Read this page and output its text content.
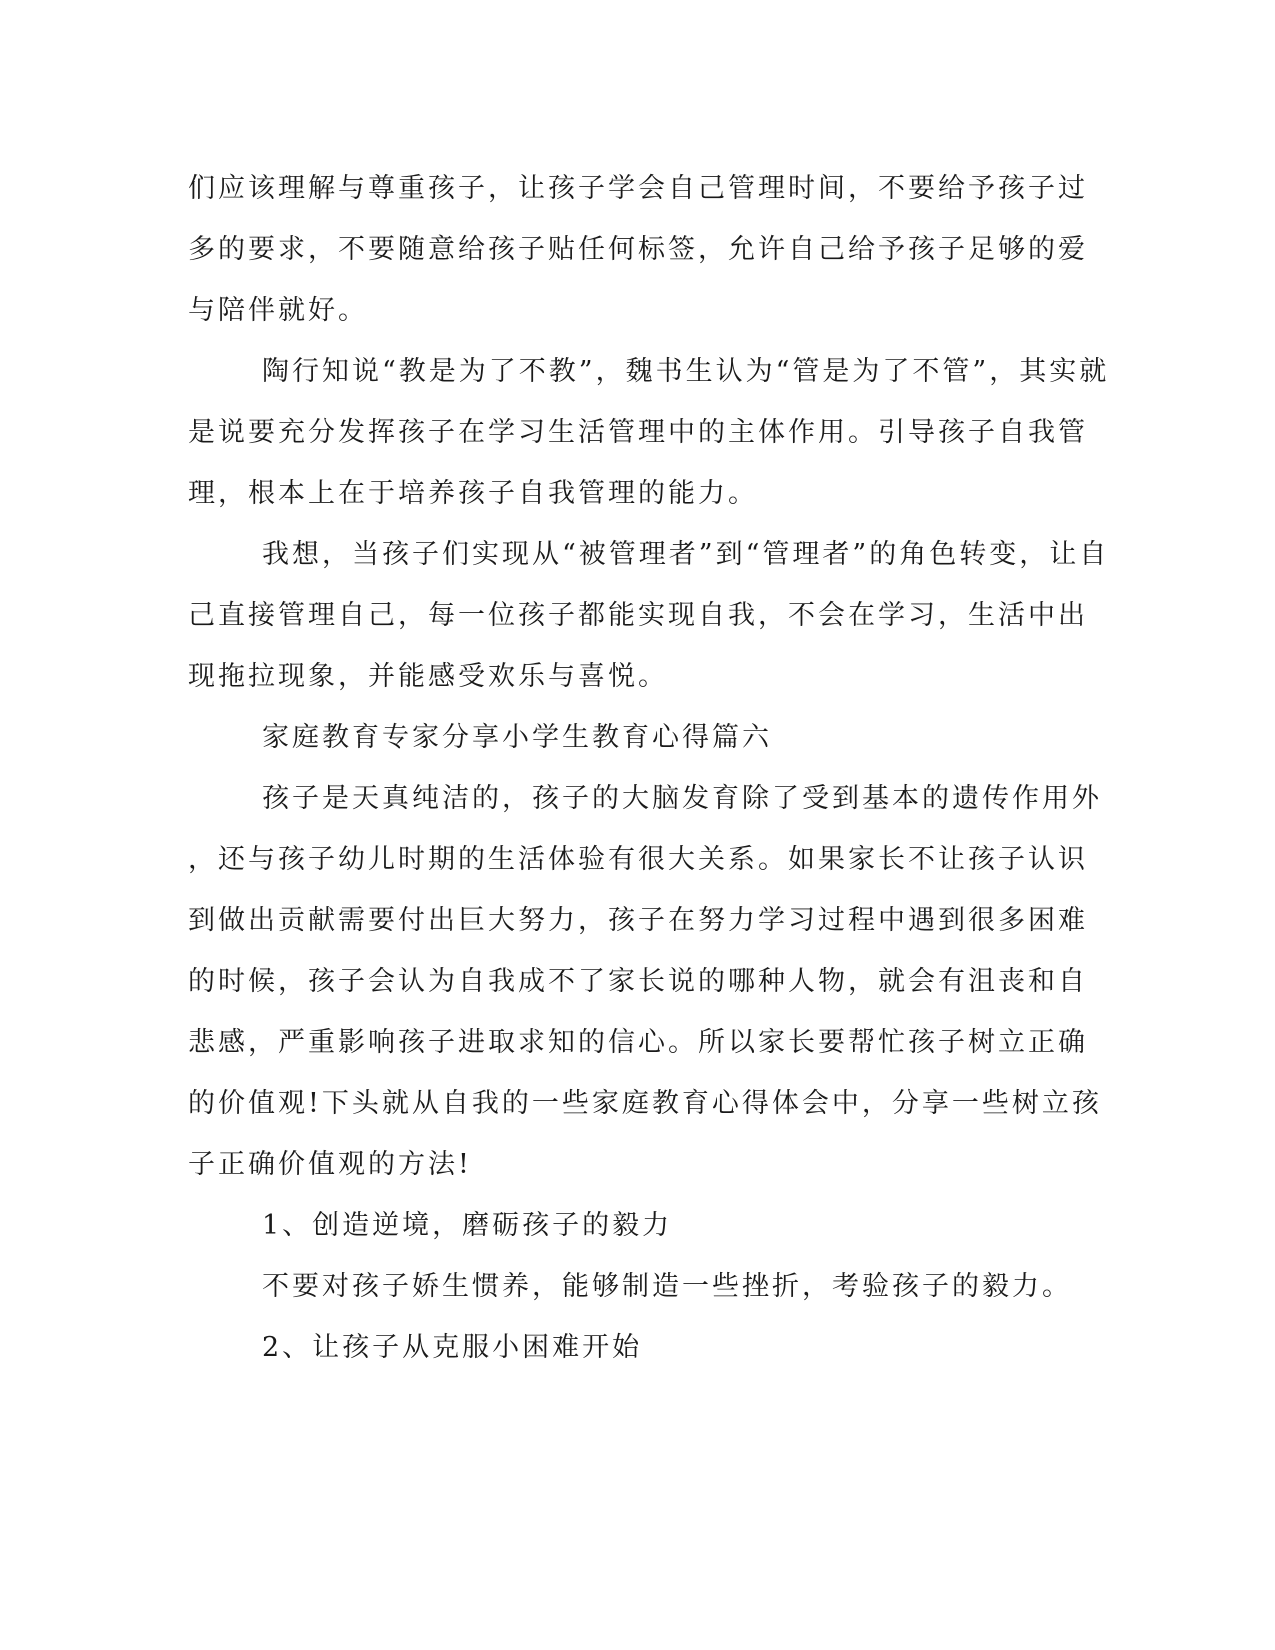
们应该理解与尊重孩子，让孩子学会自己管理时间，不要给予孩子过
多的要求，不要随意给孩子贴任何标签，允许自己给予孩子足够的爱
与陪伴就好。
陶行知说“教是为了不教”，魏书生认为“管是为了不管”，其实就
是说要充分发挥孩子在学习生活管理中的主体作用。引导孩子自我管
理，根本上在于培养孩子自我管理的能力。
我想，当孩子们实现从“被管理者”到“管理者”的角色转变，让自
己直接管理自己，每一位孩子都能实现自我，不会在学习，生活中出
现拖拉现象，并能感受欢乐与喜悦。
家庭教育专家分享小学生教育心得篇六
孩子是天真纯洁的，孩子的大脑发育除了受到基本的遗传作用外
，还与孩子幼儿时期的生活体验有很大关系。如果家长不让孩子认识
到做出贡献需要付出巨大努力，孩子在努力学习过程中遇到很多困难
的时候，孩子会认为自我成不了家长说的哪种人物，就会有沮丧和自
悲感，严重影响孩子进取求知的信心。所以家长要帮忙孩子树立正确
的价值观!下头就从自我的一些家庭教育心得体会中，分享一些树立孩
子正确价值观的方法!
1、创造逆境，磨砺孩子的毅力
不要对孩子娇生惯养，能够制造一些挫折，考验孩子的毅力。
2、让孩子从克服小困难开始
